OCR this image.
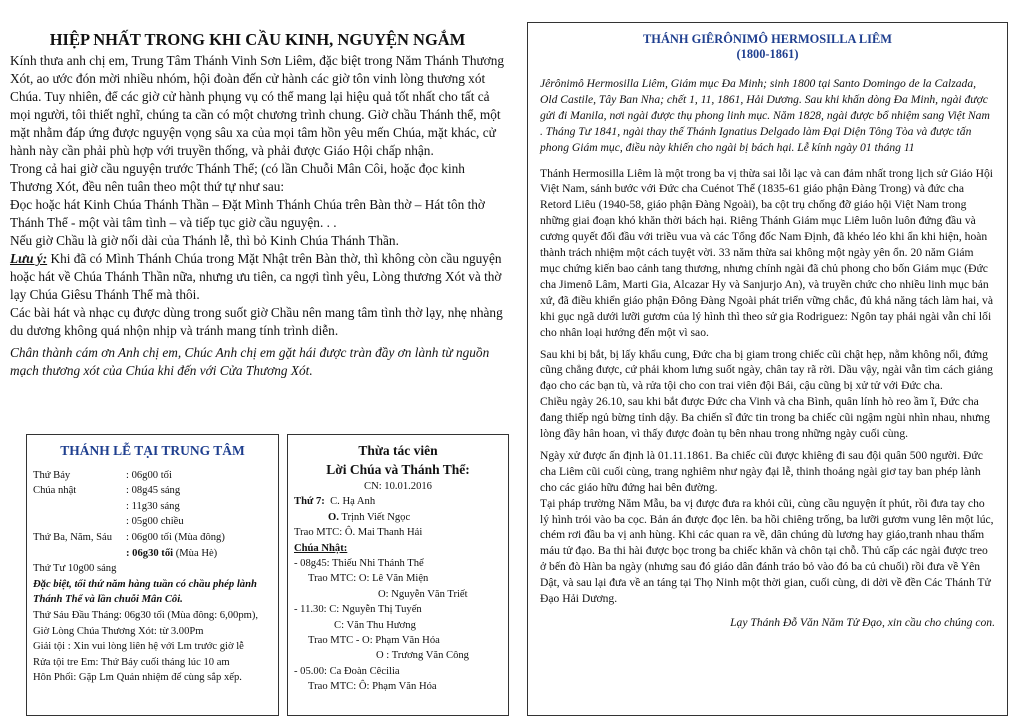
HIỆP NHẤT TRONG KHI CẦU KINH, NGUYỆN NGẮM

Kính thưa anh chị em, Trung Tâm Thánh Vinh Sơn Liêm, đặc biệt trong Năm Thánh Thương Xót, ao ước đón mời nhiều nhóm, hội đoàn đến cử hành các giờ tôn vinh lòng thương xót Chúa. Tuy nhiên, để các giờ cử hành phụng vụ có thể mang lại hiệu quả tốt nhất cho tất cả mọi người, tôi thiết nghĩ, chúng ta cần có một chương trình chung. Giờ chầu Thánh thể, một mặt nhằm đáp ứng được nguyện vọng sâu xa của mọi tâm hồn yêu mến Chúa, mặt khác, cử hành này cần phải phù hợp với truyền thống, và phải được Giáo Hội chấp nhận.

Trong cả hai giờ cầu nguyện trước Thánh Thể; (có lần Chuỗi Mân Côi, hoặc đọc kinh Thương Xót, đều nên tuân theo một thứ tự như sau:

Đọc hoặc hát Kinh Chúa Thánh Thần – Đặt Mình Thánh Chúa trên Bàn thờ – Hát tôn thờ Thánh Thể - một vài tâm tình – và tiếp tục giờ cầu nguyện. . .

Nếu giờ Chầu là giờ nối dài của Thánh lễ, thì bỏ Kinh Chúa Thánh Thần.

Lưu ý: Khi đã có Mình Thánh Chúa trong Mặt Nhật trên Bàn thờ, thì không còn cầu nguyện hoặc hát về Chúa Thánh Thần nữa, nhưng ưu tiên, ca ngợi tình yêu, Lòng thương Xót và thờ lạy Chúa Giêsu Thánh Thể mà thôi.

Các bài hát và nhạc cụ được dùng trong suốt giờ Chầu nên mang tâm tình thờ lạy, nhẹ nhàng du dương không quá nhộn nhịp và tránh mang tính trình diễn.

Chân thành cám ơn Anh chị em, Chúc Anh chị em gặt hái được tràn đầy ơn lành từ nguồn mạch thương xót của Chúa khi đến với Cửa Thương Xót.

THÁNH LỄ TẠI TRUNG TÂM
Thứ Bảy	: 06g00 tối
Chúa nhật	: 08g45 sáng
: 11g30 sáng
: 05g00 chiều
Thứ Ba, Năm, Sáu	: 06g00 tối (Mùa đông)
: 06g30 tối (Mùa Hè)
Thứ Tư 10g00 sáng
Đặc biệt, tối thứ năm hàng tuần có chầu phép lành Thánh Thể và lần chuỗi Mân Côi.
Thứ Sáu Đầu Tháng: 06g30 tối (Mùa đông: 6,00pm), Giờ Lòng Chúa Thương Xót: từ 3.00Pm
Giải tội : Xin vui lòng liên hệ với Lm trước giờ lễ
Rửa tội tre Em: Thứ Bảy cuối tháng lúc 10 am
Hôn Phối: Gặp Lm Quản nhiệm để cùng sắp xếp.
Thừa tác viên
Lời Chúa và Thánh Thể:
CN: 10.01.2016
Thứ 7: C. Hạ Anh
O. Trịnh Viết Ngọc
Trao MTC: Ô. Mai Thanh Hải
Chúa Nhật:
- 08g45: Thiếu Nhi Thánh Thể
Trao MTC: O: Lê Văn Miện
O: Nguyễn Văn Triết
- 11.30: C: Nguyễn Thị Tuyến
C: Văn Thu Hương
Trao MTC - O: Phạm Văn Hóa
O : Trương Văn Công
- 05.00: Ca Đoàn Cêcilia
Trao MTC: Ô: Phạm Văn Hóa
THÁNH GIÊRÔNIMÔ HERMOSILLA LIÊM
(1800-1861)

Jêrônimô Hermosilla Liêm, Giám mục Đa Minh; sinh 1800 tại Santo Domingo de la Calzada, Old Castile, Tây Ban Nha; chết 1, 11, 1861, Hải Dương. Sau khi khấn dòng Đa Minh, ngài được gửi đi Manila, nơi ngài được thụ phong linh mục. Năm 1828, ngài được bổ nhiệm sang Việt Nam . Tháng Tư 1841, ngài thay thế Thánh Ignatius Delgado làm Đại Diện Tông Tòa và được tấn phong Giám mục, điều này khiến cho ngài bị bách hại. Lễ kính ngày 01 tháng 11

Thánh Hermosilla Liêm là một trong ba vị thừa sai lỗi lạc và can đảm nhất trong lịch sử Giáo Hội Việt Nam, sánh bước với Đức cha Cuénot Thể (1835-61 giáo phận Đàng Trong) và đức cha Retord Liêu (1940-58, giáo phận Đàng Ngoài), ba cột trụ chống đỡ giáo hội Việt Nam trong những giai đoạn khó khăn thời bách hại. Riêng Thánh Giám mục Liêm luôn luôn đứng đầu và cương quyết đối đầu với triều vua và các Tổng đốc Nam Định, đã khéo léo khi ẩn khi hiện, hoàn thành trách nhiệm một cách tuyệt vời. 33 năm thừa sai không một ngày yên ổn. 20 năm Giám mục chứng kiến bao cảnh tang thương, nhưng chính ngài đã chủ phong cho bốn Giám mục (Đức cha Jimenô Lâm, Marti Gia, Alcazar Hy và Sanjurjo An), và truyền chức cho nhiều linh mục bản xứ, đã điều khiển giáo phận Đông Đàng Ngoài phát triển vững chắc, đủ khả năng tách làm hai, và khi gục ngã dưới lưỡi gươm của lý hình thì theo sử gia Rodriguez: Ngôn tay phải ngài vẫn chỉ lối cho nhân loại hướng đến một vì sao.

Sau khi bị bắt, bị lấy khẩu cung, Đức cha bị giam trong chiếc cũi chật hẹp, nằm không nổi, đứng cũng chẳng được, cứ phải khom lưng suốt ngày, chân tay rã rời. Dầu vậy, ngài vẫn tìm cách giảng đạo cho các bạn tù, và rửa tội cho con trai viên đội Bái, cậu cũng bị xử tử với Đức cha.

Chiều ngày 26.10, sau khi bắt được Đức cha Vinh và cha Bình, quân lính hò reo ầm ĩ, Đức cha đang thiếp ngủ bừng tỉnh dậy. Ba chiến sĩ đức tin trong ba chiếc cũi ngậm ngùi nhìn nhau, nhưng lòng đầy hân hoan, vì thấy được đoàn tụ bên nhau trong những ngày cuối cùng.

Ngày xử được ấn định là 01.11.1861. Ba chiếc cũi được khiêng đi sau đội quân 500 người. Đức cha Liêm cũi cuối cùng, trang nghiêm như ngày đại lễ, thinh thoảng ngài giơ tay ban phép lành cho các giáo hữu đứng hai bên đường.

Tại pháp trường Năm Mẫu, ba vị được đưa ra khỏi cũi, cùng cầu nguyện ít phút, rồi đưa tay cho lý hình trói vào ba cọc. Bản án được đọc lên. ba hồi chiêng trống, ba lưỡi gươm vung lên một lúc, chém rơi đầu ba vị anh hùng. Khi các quan ra về, dân chúng dù lương hay giáo,tranh nhau thấm máu tử đạo. Ba thi hài được bọc trong ba chiếc khăn và chôn tại chỗ. Thủ cấp các ngài được treo ở bến đò Hàn ba ngày (nhưng sau đó giáo dân đánh tráo bỏ vào đó ba củ chuối) rồi đưa về Yên Dật, và sau lại đưa về an táng tại Thọ Ninh một thời gian, cuối cùng, di dời về đền Các Thánh Tử Đạo Hải Dương.

Lạy Thánh Đỗ Văn Năm Tử Đạo, xin cầu cho chúng con.
